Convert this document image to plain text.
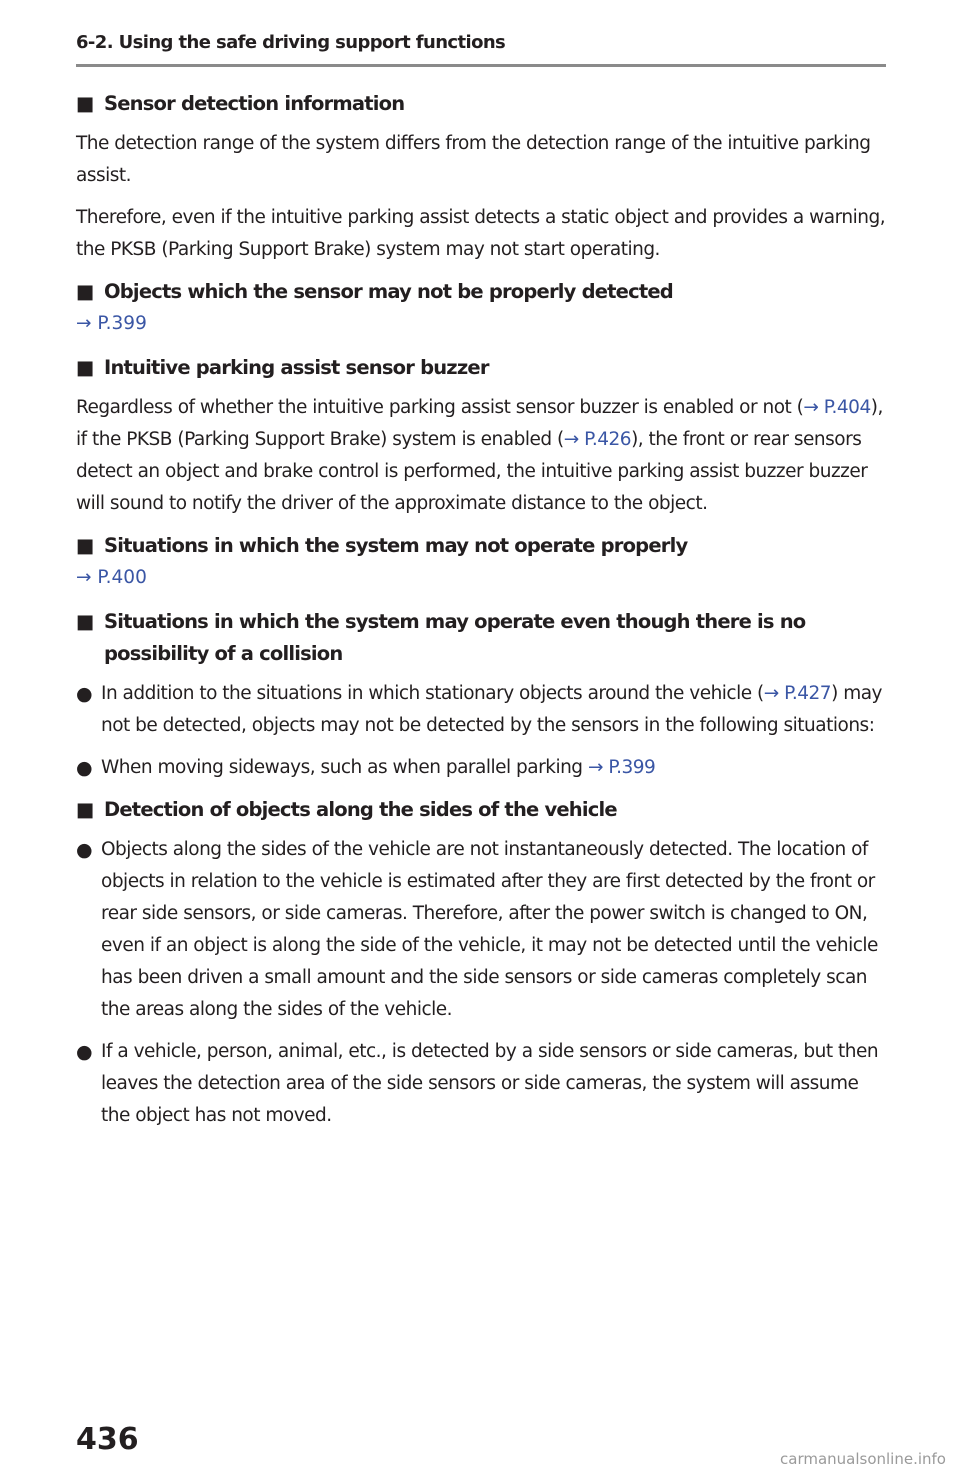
6-2. Using the safe driving support functions
■ Sensor detection information

The detection range of the system differs from the detection range of the intuitive parking assist.

Therefore, even if the intuitive parking assist detects a static object and provides a warning, the PKSB (Parking Support Brake) system may not start operating.

■ Objects which the sensor may not be properly detected
→ P.399
■ Intuitive parking assist sensor buzzer

Regardless of whether the intuitive parking assist sensor buzzer is enabled or not (→ P.404), if the PKSB (Parking Support Brake) system is enabled (→ P.426), the front or rear sensors detect an object and brake control is performed, the intuitive parking assist buzzer buzzer will sound to notify the driver of the approximate distance to the object.

■ Situations in which the system may not operate properly
→ P.400
■ Situations in which the system may operate even though there is no possibility of a collision
● In addition to the situations in which stationary objects around the vehicle (→ P.427) may not be detected, objects may not be detected by the sensors in the following situations:
● When moving sideways, such as when parallel parking → P.399
■ Detection of objects along the sides of the vehicle
● Objects along the sides of the vehicle are not instantaneously detected. The location of objects in relation to the vehicle is estimated after they are first detected by the front or rear side sensors, or side cameras. Therefore, after the power switch is changed to ON, even if an object is along the side of the vehicle, it may not be detected until the vehicle has been driven a small amount and the side sensors or side cameras completely scan the areas along the sides of the vehicle.
● If a vehicle, person, animal, etc., is detected by a side sensors or side cameras, but then leaves the detection area of the side sensors or side cameras, the system will assume the object has not moved.
436
carmanualsonline.info
